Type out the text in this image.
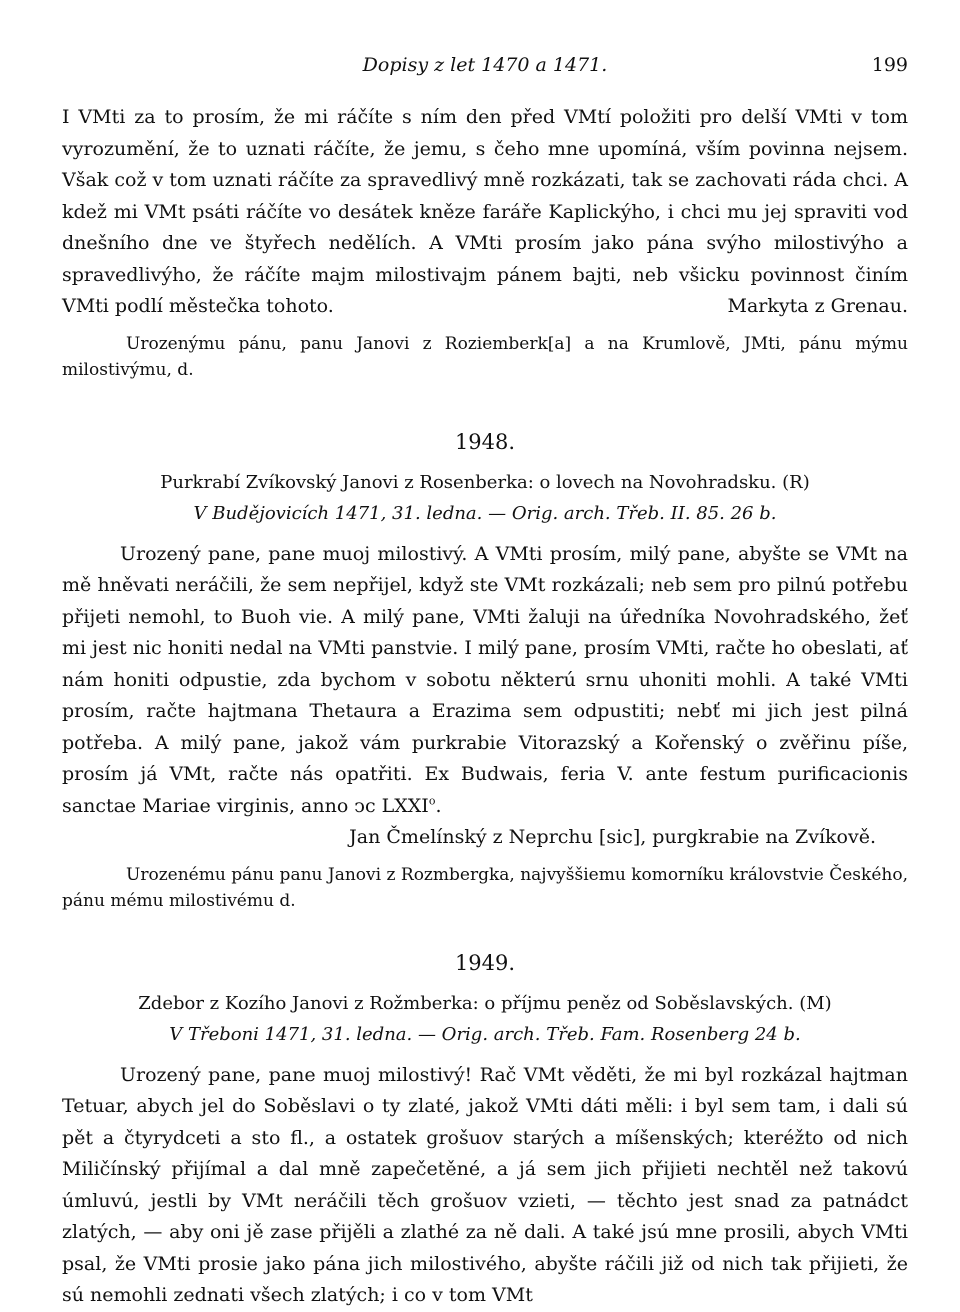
Dopisy z let 1470 a 1471.	199

I VMti za to prosím, že mi ráčíte s ním den před VMtí položiti pro delší VMti v tom vyrozumění, že to uznati ráčíte, že jemu, s čeho mne upomíná, vším povinna nejsem. Však což v tom uznati ráčíte za spravedlivý mně rozkázati, tak se zachovati ráda chci. A kdež mi VMt psáti ráčíte vo desátek kněze faráře Kaplickýho, i chci mu jej spraviti vod dnešního dne ve štyřech nedělích. A VMti prosím jako pána svýho milostivýho a spravedlivýho, že ráčíte majm milostivajm pánem bajti, neb všicku povinnost činím VMti podlí městečka tohoto.	Markyta z Grenau.

Urozenýmu pánu, panu Janovi z Roziemberk[a] a na Krumlově, JMti, pánu mýmu milostivýmu, d.

1948.
Purkrabí Zvíkovský Janovi z Rosenberka: o lovech na Novohradsku. (R)
V Budějovicích 1471, 31. ledna. — Orig. arch. Třeb. II. 85. 26 b.

Urozený pane, pane muoj milostivý. A VMti prosím, milý pane, abyšte se VMt na mě hněvati neráčili, že sem nepřijel, když ste VMt rozkázali; neb sem pro pilnú potřebu přijeti nemohl, to Buoh vie. A milý pane, VMti žaluji na úředníka Novohradského, žeť mi jest nic honiti nedal na VMti panstvie. I milý pane, prosím VMti, račte ho obeslati, ať nám honiti odpustie, zda bychom v sobotu některú srnu uhoniti mohli. A také VMti prosím, račte hajtmana Thetaura a Erazima sem odpustiti; nebť mi jich jest pilná potřeba. A milý pane, jakož vám purkrabie Vitorazský a Kořenský o zvěřinu píše, prosím já VMt, račte nás opatřiti. Ex Budwais, feria V. ante festum purificacionis sanctae Mariae virginis, anno ↄc LXXI$^o$.

Jan Čmelínský z Neprchu [sic], purgkrabie na Zvíkově.

Urozenému pánu panu Janovi z Rozmbergka, najvyššiemu komorníku královstvie Českého, pánu mému milostivému d.

1949.
Zdebor z Kozího Janovi z Rožmberka: o příjmu peněz od Soběslavských. (M)
V Třeboni 1471, 31. ledna. — Orig. arch. Třeb. Fam. Rosenberg 24 b.

Urozený pane, pane muoj milostivý! Rač VMt věděti, že mi byl rozkázal hajtman Tetuar, abych jel do Soběslavi o ty zlaté, jakož VMti dáti měli: i byl sem tam, i dali sú pět a čtyrydceti a sto fl., a ostatek grošuov starých a míšenských; kteréžto od nich Miličínský přijímal a dal mně zapečetěné, a já sem jich přijieti nechtěl než takovú úmluvú, jestli by VMt neráčili těch grošuov vzieti, — těchto jest snad za patnádct zlatých, — aby oni jě zase přijěli a zlathé za ně dali. A také jsú mne prosili, abych VMti psal, že VMti prosie jako pána jich milostivého, abyšte ráčili již od nich tak přijieti, že sú nemohli zednati všech zlatých; i co v tom VMt
